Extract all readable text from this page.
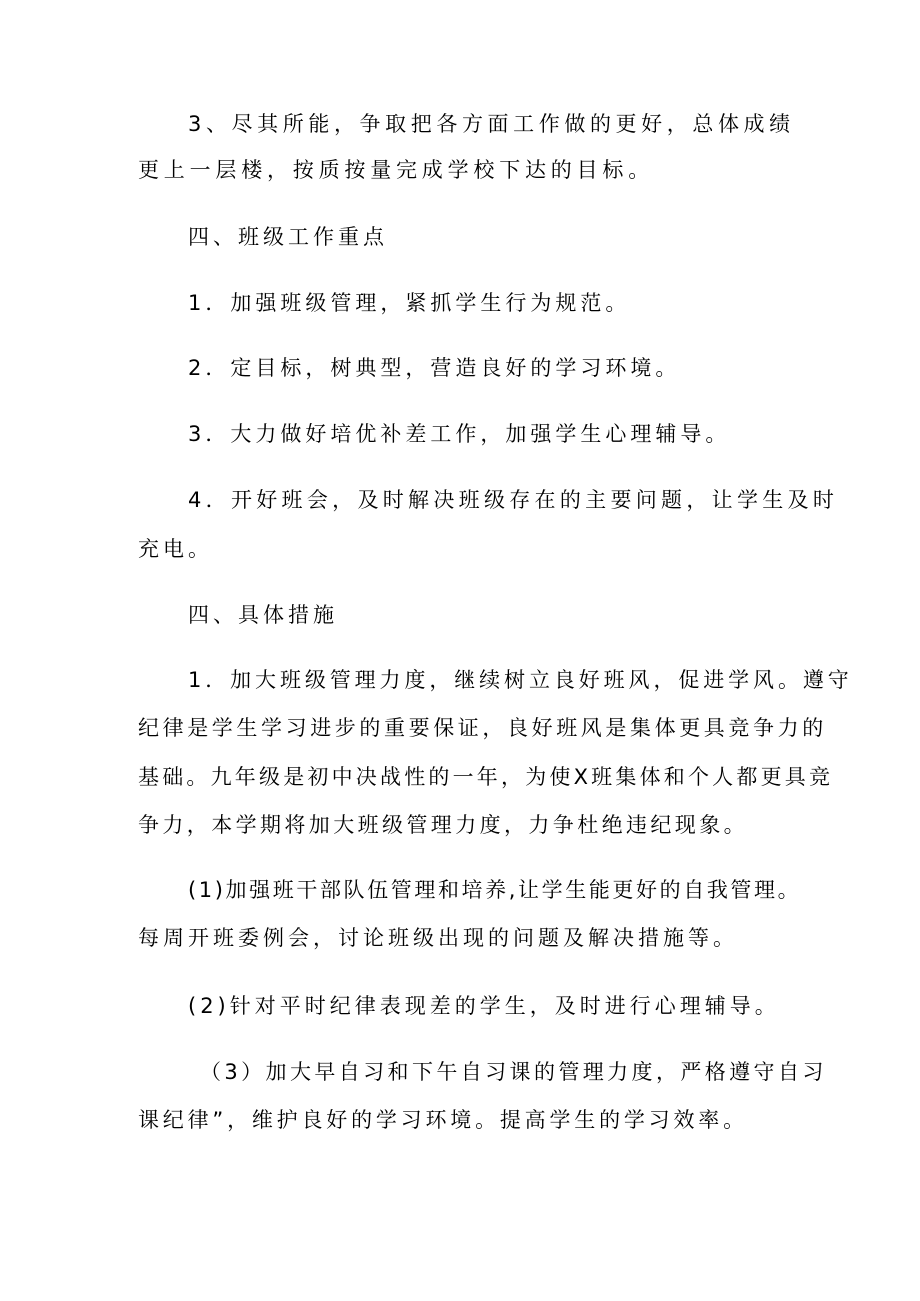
3、尽其所能，争取把各方面工作做的更好，总体成绩
更上一层楼，按质按量完成学校下达的目标。
四、班级工作重点
1．加强班级管理，紧抓学生行为规范。
2．定目标，树典型，营造良好的学习环境。
3．大力做好培优补差工作，加强学生心理辅导。
4．开好班会，及时解决班级存在的主要问题，让学生及时
充电。
四、具体措施
1．加大班级管理力度，继续树立良好班风，促进学风。遵守
纪律是学生学习进步的重要保证，良好班风是集体更具竞争力的
基础。九年级是初中决战性的一年，为使X班集体和个人都更具竞
争力，本学期将加大班级管理力度，力争杜绝违纪现象。
(1)加强班干部队伍管理和培养,让学生能更好的自我管理。
每周开班委例会，讨论班级出现的问题及解决措施等。
(2)针对平时纪律表现差的学生，及时进行心理辅导。
（3）加大早自习和下午自习课的管理力度，严格遵守自习
课纪律”，维护良好的学习环境。提高学生的学习效率。
